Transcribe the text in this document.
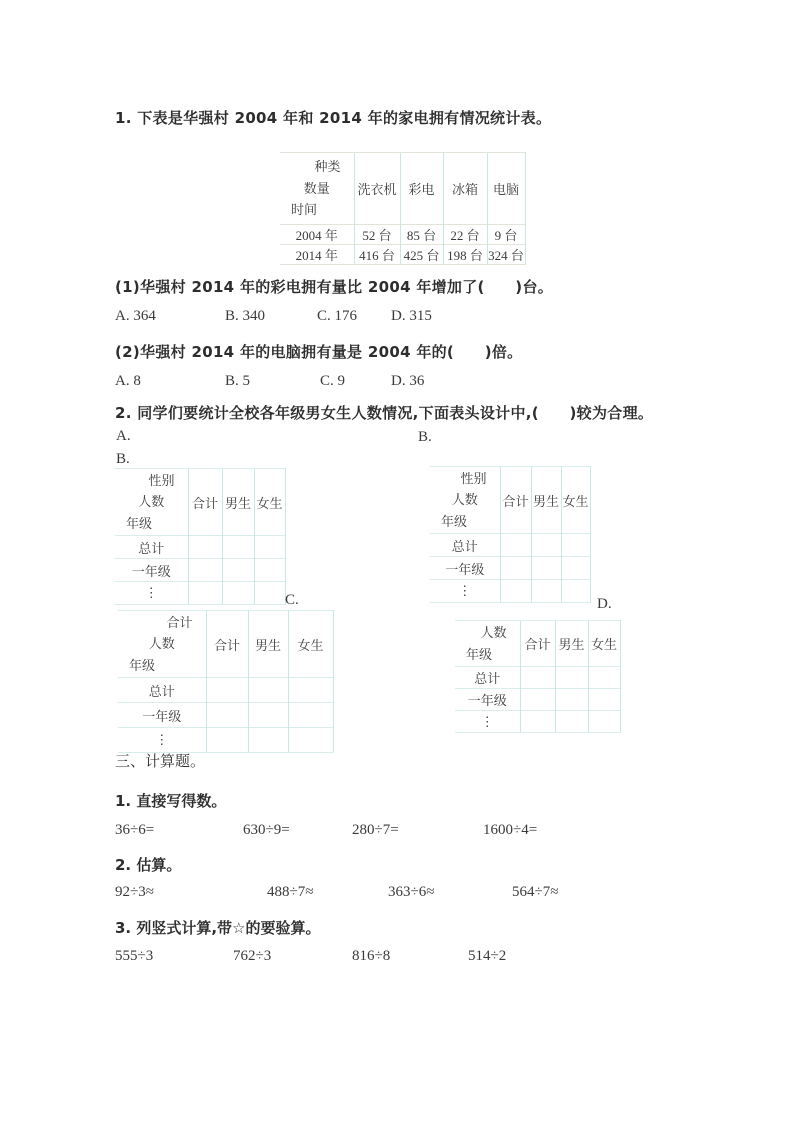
1. 下表是华强村 2004 年和 2014 年的家电拥有情况统计表。
种类
数量
时间	洗衣机	彩电	冰箱	电脑
2004 年	52 台	85 台	22 台	9 台
2014 年	416 台	425 台	198 台	324 台
(1)华强村 2014 年的彩电拥有量比 2004 年增加了(　　)台。
A. 364	B. 340	C. 176 D. 315
(2)华强村 2014 年的电脑拥有量是 2004 年的(　　)倍。
A. 8	B. 5	C. 9	D. 36
2. 同学们要统计全校各年级男女生人数情况,下面表头设计中,(　　)较为合理。
A.	B.
B.
性别
人数
年级	合计	男生	女生
总计			
一年级			
⋮			
性别
人数
年级	合计	男生	女生
总计			
一年级			
⋮			
C.	D.
合计
人数
年级	合计	男生	女生
总计			
一年级			
⋮			
人数
年级	合计	男生	女生
总计			
一年级			
⋮			
三、计算题。
1. 直接写得数。
36÷6=	630÷9=	280÷7=	1600÷4=
2. 估算。
92÷3≈	488÷7≈	363÷6≈	564÷7≈
3. 列竖式计算,带☆的要验算。
555÷3	762÷3	816÷8	514÷2
